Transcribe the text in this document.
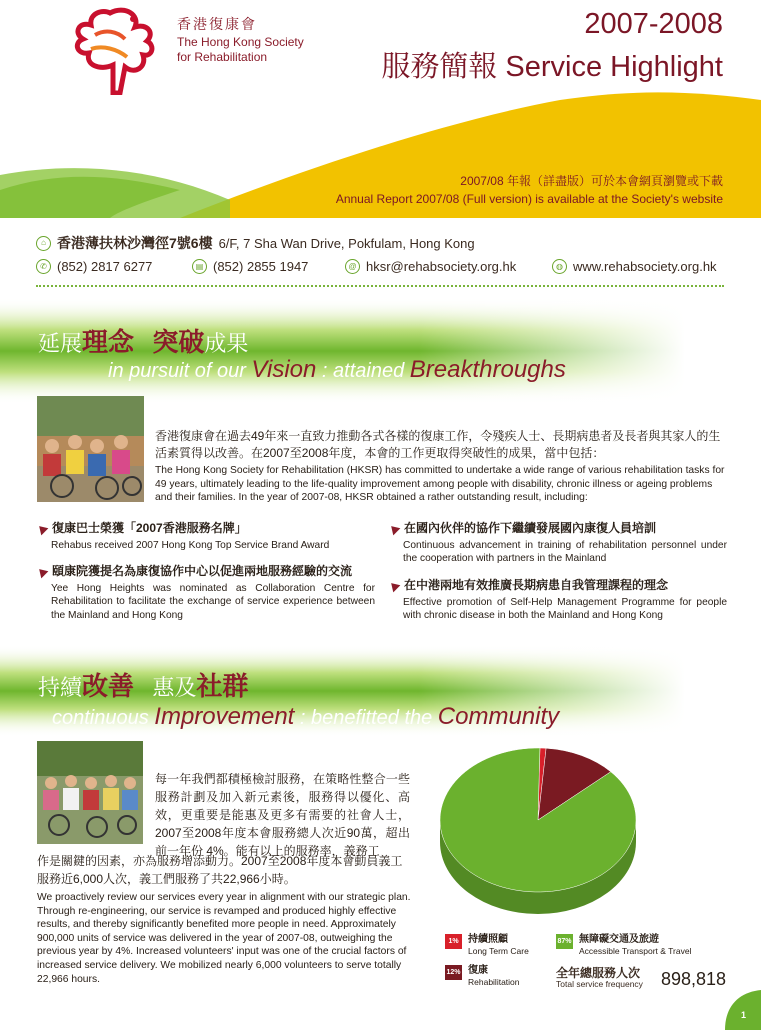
香港復康會
The Hong Kong Society
for Rehabilitation
2007-2008
服務簡報 Service Highlight
2007/08 年報（詳盡版）可於本會網頁瀏覽或下載
Annual Report 2007/08 (Full version) is available at the Society's website
⌂ 香港薄扶林沙灣徑7號6樓 6/F, 7 Sha Wan Drive, Pokfulam, Hong Kong
✆ (852) 2817 6277	▤ (852) 2855 1947	@ hksr@rehabsociety.org.hk	◍ www.rehabsociety.org.hk
延展理念 突破成果
in pursuit of our Vision : attained Breakthroughs
香港復康會在過去49年來一直致力推動各式各樣的復康工作，令殘疾人士、長期病患者及長者與其家人的生活素質得以改善。在2007至2008年度，本會的工作更取得突破性的成果，當中包括：
The Hong Kong Society for Rehabilitation (HKSR) has committed to undertake a wide range of various rehabilitation tasks for 49 years, ultimately leading to the life-quality improvement among people with disability, chronic illness or ageing problems and their families. In the year of 2007-08, HKSR obtained a rather outstanding result, including:
復康巴士榮獲「2007香港服務名牌」
Rehabus received 2007 Hong Kong Top Service Brand Award
頤康院獲提名為康復協作中心以促進兩地服務經驗的交流
Yee Hong Heights was nominated as Collaboration Centre for Rehabilitation to facilitate the exchange of service experience between the Mainland and Hong Kong
在國內伙伴的協作下繼續發展國內康復人員培訓
Continuous advancement in training of rehabilitation personnel under the cooperation with partners in the Mainland
在中港兩地有效推廣長期病患自我管理課程的理念
Effective promotion of Self-Help Management Programme for people with chronic disease in both the Mainland and Hong Kong
持續改善 惠及社群
continuous Improvement : benefitted the Community
每一年我們都積極檢討服務，在策略性整合一些服務計劃及加入新元素後，服務得以優化、高效，更重要是能惠及更多有需要的社會人士，2007至2008年度本會服務總人次近90萬，超出前一年份 4%。能有以上的服務率，義務工
作是關鍵的因素，亦為服務增添動力。2007至2008年度本會動員義工服務近6,000人次，義工們服務了共22,966小時。
We proactively review our services every year in alignment with our strategic plan. Through re-engineering, our service is revamped and produced highly effective results, and thereby significantly benefited more people in need. Approximately 900,000 units of service was delivered in the year of 2007-08, outweighing the previous year by 4%. Increased volunteers' input was one of the crucial factors of increased service delivery. We mobilized nearly 6,000 volunteers to serve totally 22,966 hours.
1% 持續照顧
Long Term Care
12% 復康
Rehabilitation
87% 無障礙交通及旅遊
Accessible Transport & Travel
全年總服務人次
Total service frequency 898,818
1
